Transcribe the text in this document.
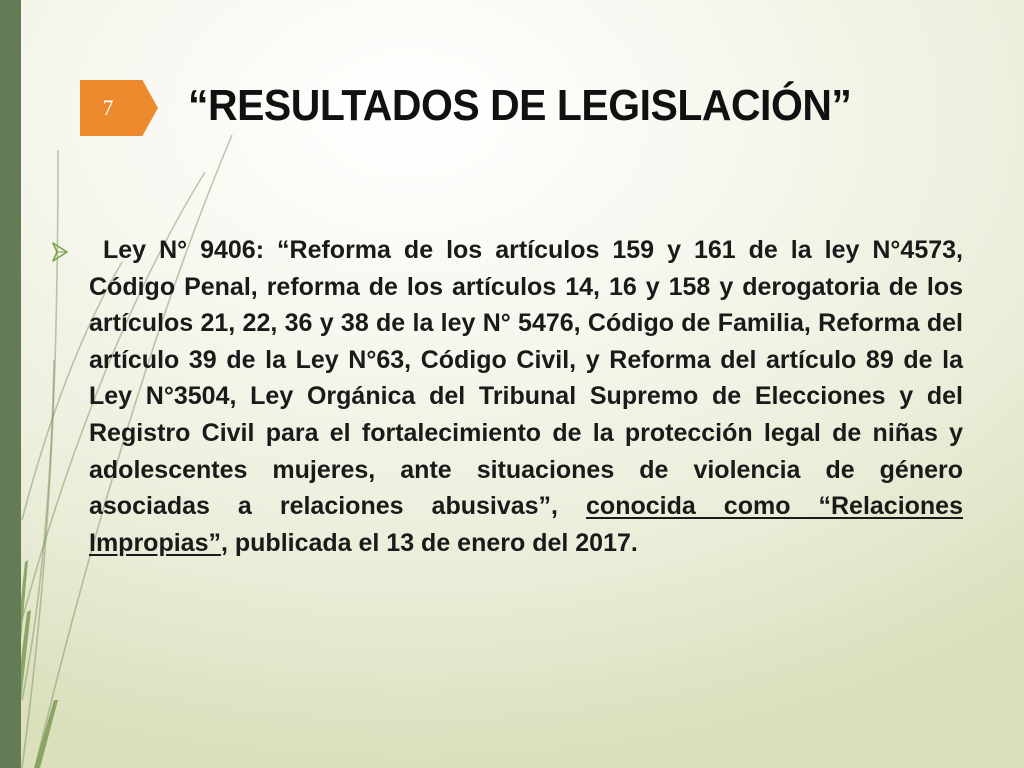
7 “RESULTADOS DE LEGISLACIÓN”

Ley N° 9406: “Reforma de los artículos 159 y 161 de la ley N°4573, Código Penal, reforma de los artículos 14, 16 y 158 y derogatoria de los artículos 21, 22, 36 y 38 de la ley N° 5476, Código de Familia, Reforma del artículo 39 de la Ley N°63, Código Civil, y Reforma del artículo 89 de la Ley N°3504, Ley Orgánica del Tribunal Supremo de Elecciones y del Registro Civil para el fortalecimiento de la protección legal de niñas y adolescentes mujeres, ante situaciones de violencia de género asociadas a relaciones abusivas”, conocida como “Relaciones Impropias”, publicada el 13 de enero del 2017.
